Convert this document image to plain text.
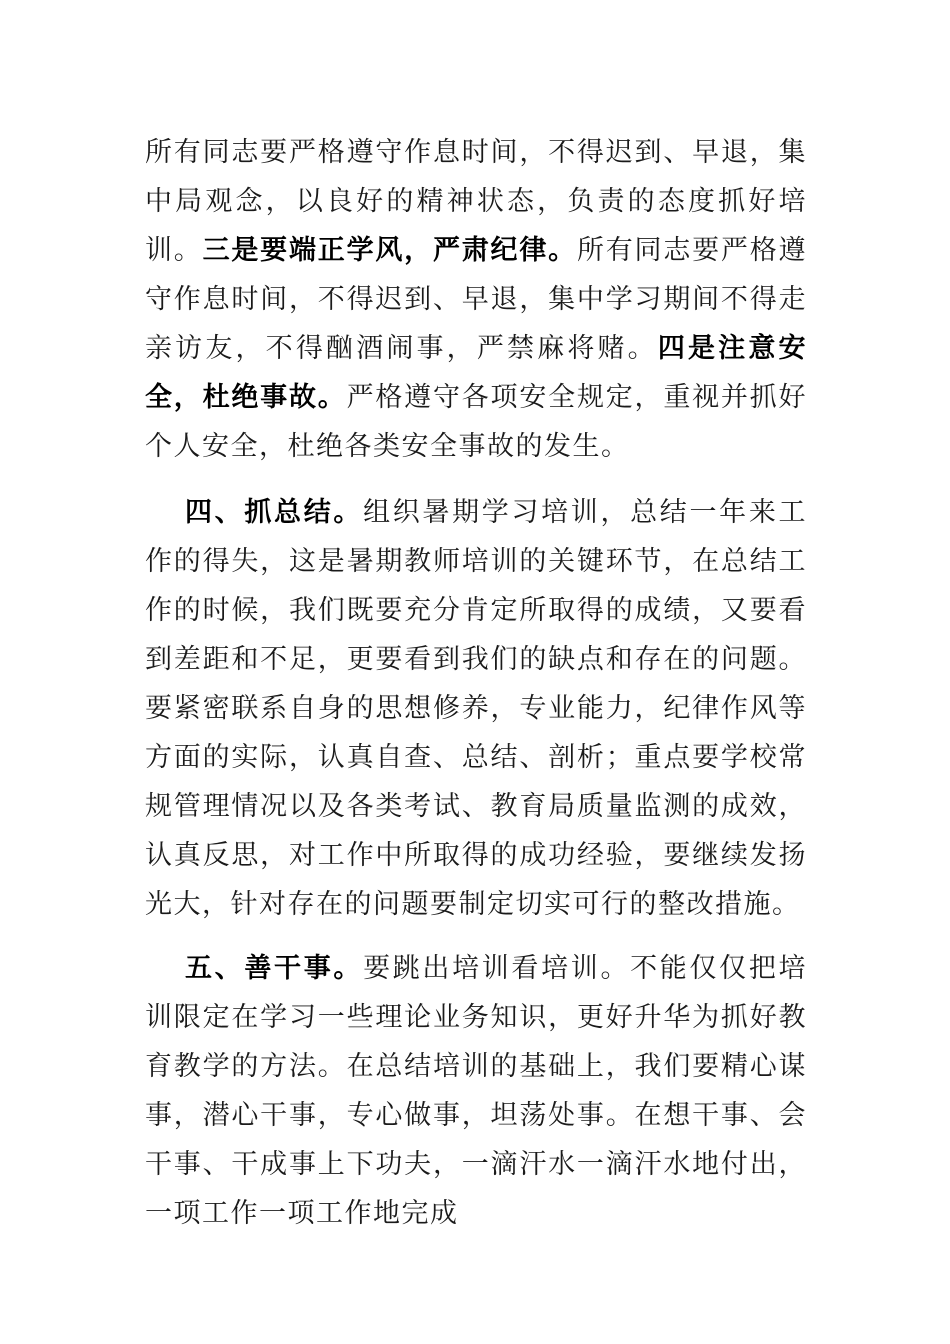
所有同志要严格遵守作息时间，不得迟到、早退，集中局观念，以良好的精神状态，负责的态度抓好培训。三是要端正学风，严肃纪律。所有同志要严格遵守作息时间，不得迟到、早退，集中学习期间不得走亲访友，不得酗酒闹事，严禁麻将赌。四是注意安全，杜绝事故。严格遵守各项安全规定，重视并抓好个人安全，杜绝各类安全事故的发生。

四、抓总结。组织暑期学习培训，总结一年来工作的得失，这是暑期教师培训的关键环节，在总结工作的时候，我们既要充分肯定所取得的成绩，又要看到差距和不足，更要看到我们的缺点和存在的问题。要紧密联系自身的思想修养，专业能力，纪律作风等方面的实际，认真自查、总结、剖析；重点要学校常规管理情况以及各类考试、教育局质量监测的成效，认真反思，对工作中所取得的成功经验，要继续发扬光大，针对存在的问题要制定切实可行的整改措施。

五、善干事。要跳出培训看培训。不能仅仅把培训限定在学习一些理论业务知识，更好升华为抓好教育教学的方法。在总结培训的基础上，我们要精心谋事，潜心干事，专心做事，坦荡处事。在想干事、会干事、干成事上下功夫，一滴汗水一滴汗水地付出，一项工作一项工作地完成
